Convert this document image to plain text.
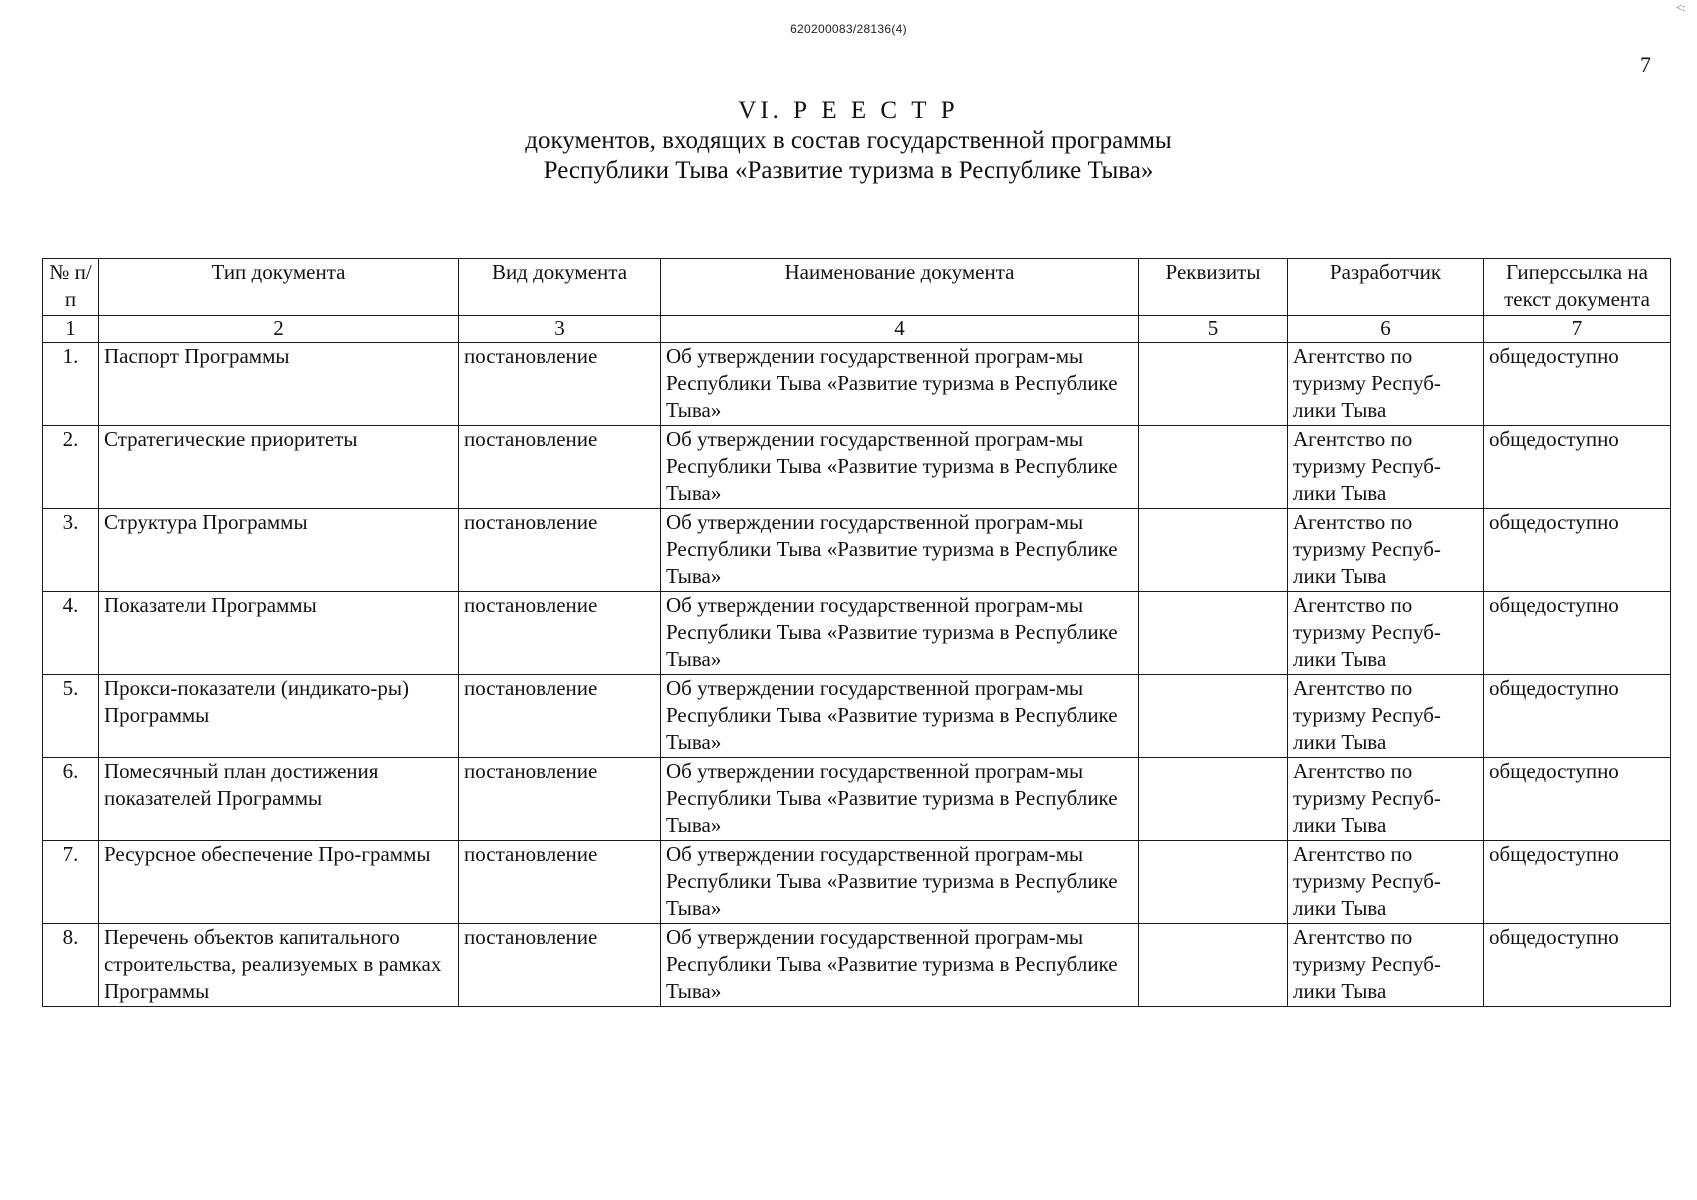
<:
620200083/28136(4)
7
VI. Р Е Е С Т Р
документов, входящих в состав государственной программы
Республики Тыва «Развитие туризма в Республике Тыва»
№ п/п	Тип документа	Вид документа	Наименование документа	Реквизиты	Разработчик	Гиперссылка на текст документа
1	2	3	4	5	6	7
1.	Паспорт Программы	постановление	Об утверждении государственной програм-мы Республики Тыва «Развитие туризма в Республике Тыва»		Агентство по туризму Респуб-лики Тыва	общедоступно
2.	Стратегические приоритеты	постановление	Об утверждении государственной програм-мы Республики Тыва «Развитие туризма в Республике Тыва»		Агентство по туризму Респуб-лики Тыва	общедоступно
3.	Структура Программы	постановление	Об утверждении государственной програм-мы Республики Тыва «Развитие туризма в Республике Тыва»		Агентство по туризму Респуб-лики Тыва	общедоступно
4.	Показатели Программы	постановление	Об утверждении государственной програм-мы Республики Тыва «Развитие туризма в Республике Тыва»		Агентство по туризму Респуб-лики Тыва	общедоступно
5.	Прокси-показатели (индикато-ры) Программы	постановление	Об утверждении государственной програм-мы Республики Тыва «Развитие туризма в Республике Тыва»		Агентство по туризму Респуб-лики Тыва	общедоступно
6.	Помесячный план достижения показателей Программы	постановление	Об утверждении государственной програм-мы Республики Тыва «Развитие туризма в Республике Тыва»		Агентство по туризму Респуб-лики Тыва	общедоступно
7.	Ресурсное обеспечение Про-граммы	постановление	Об утверждении государственной програм-мы Республики Тыва «Развитие туризма в Республике Тыва»		Агентство по туризму Респуб-лики Тыва	общедоступно
8.	Перечень объектов капитального строительства, реализуемых в рамках Программы	постановление	Об утверждении государственной програм-мы Республики Тыва «Развитие туризма в Республике Тыва»		Агентство по туризму Респуб-лики Тыва	общедоступно
